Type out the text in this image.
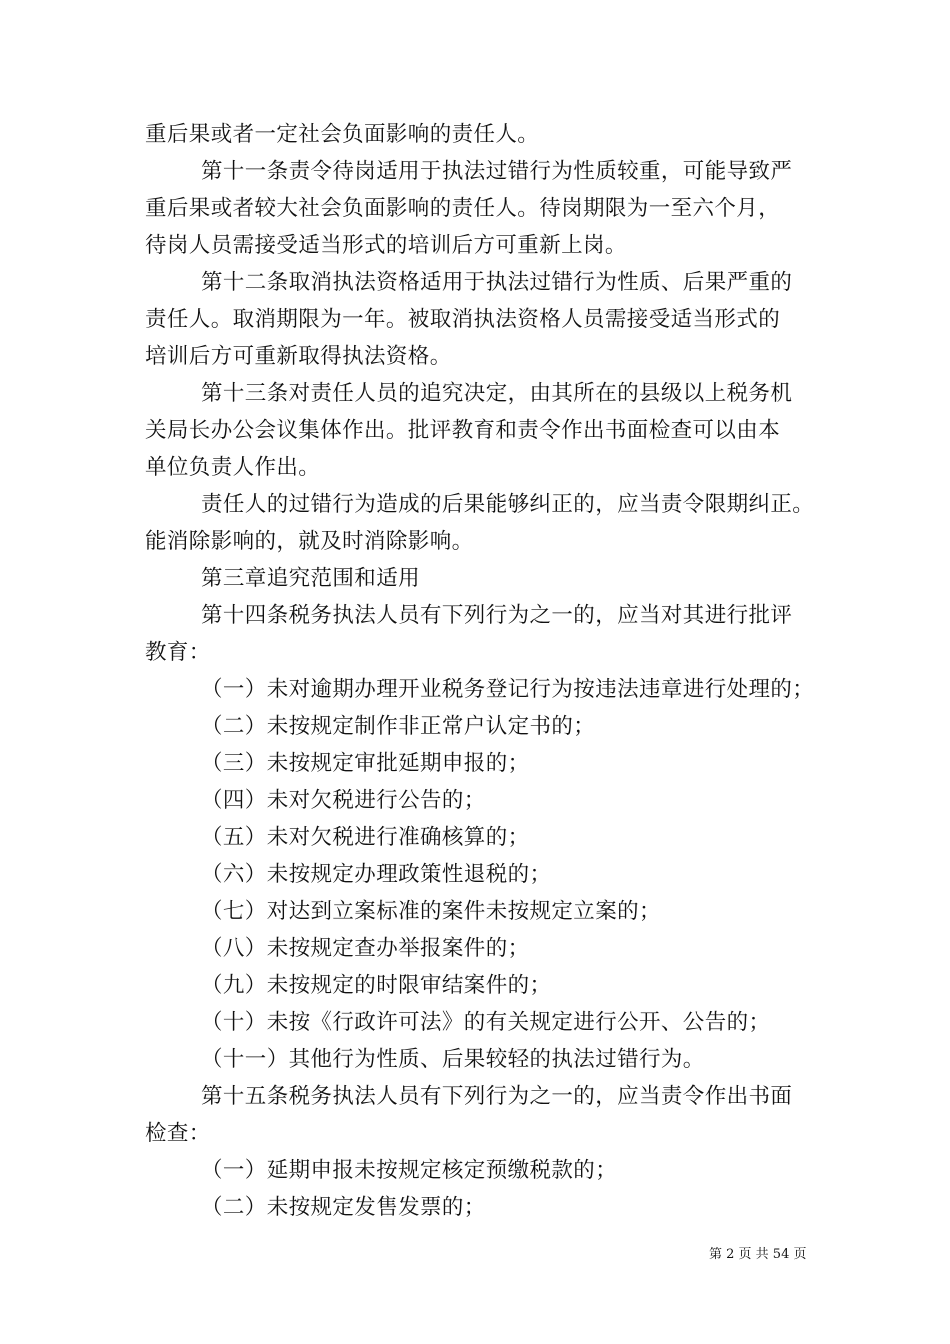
重后果或者一定社会负面影响的责任人。
第十一条责令待岗适用于执法过错行为性质较重，可能导致严
重后果或者较大社会负面影响的责任人。待岗期限为一至六个月，
待岗人员需接受适当形式的培训后方可重新上岗。
第十二条取消执法资格适用于执法过错行为性质、后果严重的
责任人。取消期限为一年。被取消执法资格人员需接受适当形式的
培训后方可重新取得执法资格。
第十三条对责任人员的追究决定，由其所在的县级以上税务机
关局长办公会议集体作出。批评教育和责令作出书面检查可以由本
单位负责人作出。
责任人的过错行为造成的后果能够纠正的，应当责令限期纠正。
能消除影响的，就及时消除影响。
第三章追究范围和适用
第十四条税务执法人员有下列行为之一的，应当对其进行批评
教育：
（一）未对逾期办理开业税务登记行为按违法违章进行处理的；
（二）未按规定制作非正常户认定书的；
（三）未按规定审批延期申报的；
（四）未对欠税进行公告的；
（五）未对欠税进行准确核算的；
（六）未按规定办理政策性退税的；
（七）对达到立案标准的案件未按规定立案的；
（八）未按规定查办举报案件的；
（九）未按规定的时限审结案件的；
（十）未按《行政许可法》的有关规定进行公开、公告的；
（十一）其他行为性质、后果较轻的执法过错行为。
第十五条税务执法人员有下列行为之一的，应当责令作出书面
检查：
（一）延期申报未按规定核定预缴税款的；
（二）未按规定发售发票的；
第 2 页 共 54 页
